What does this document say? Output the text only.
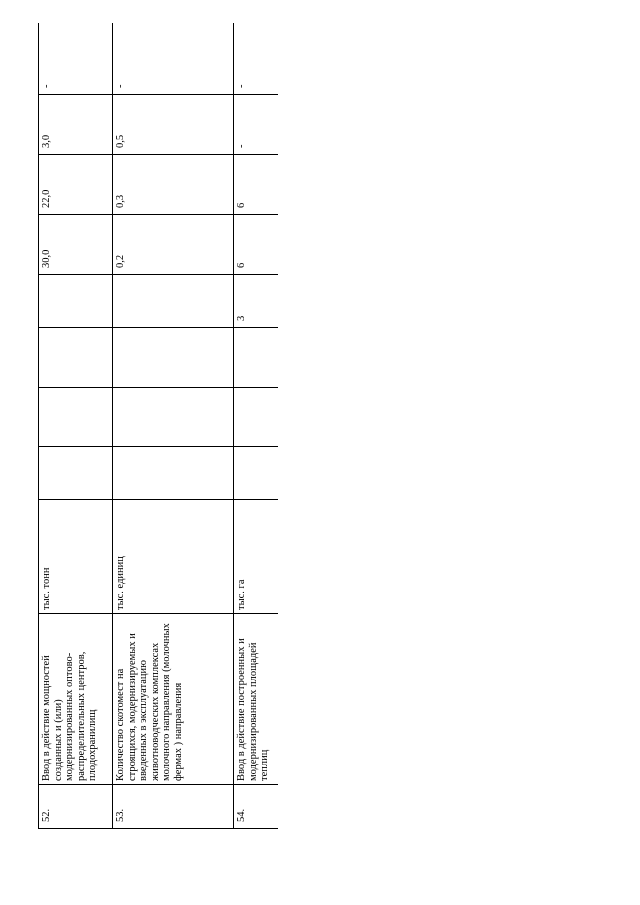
52.	Ввод в действие мощностей созданных и (или) модернизированных оптово-распределительных центров, плодохранилищ	тыс. тонн					30,0	22,0	3,0	-
53.	Количество скотомест на строящихся, модернизируемых и введенных в эксплуатацию животноводческих комплексах молочного направления (молочных фермах ) направления	тыс. единиц					0,2	0,3	0,5	-
54.	Ввод в действие построенных и модернизированных площадей теплиц	тыс. га				3	6	6	-	-
